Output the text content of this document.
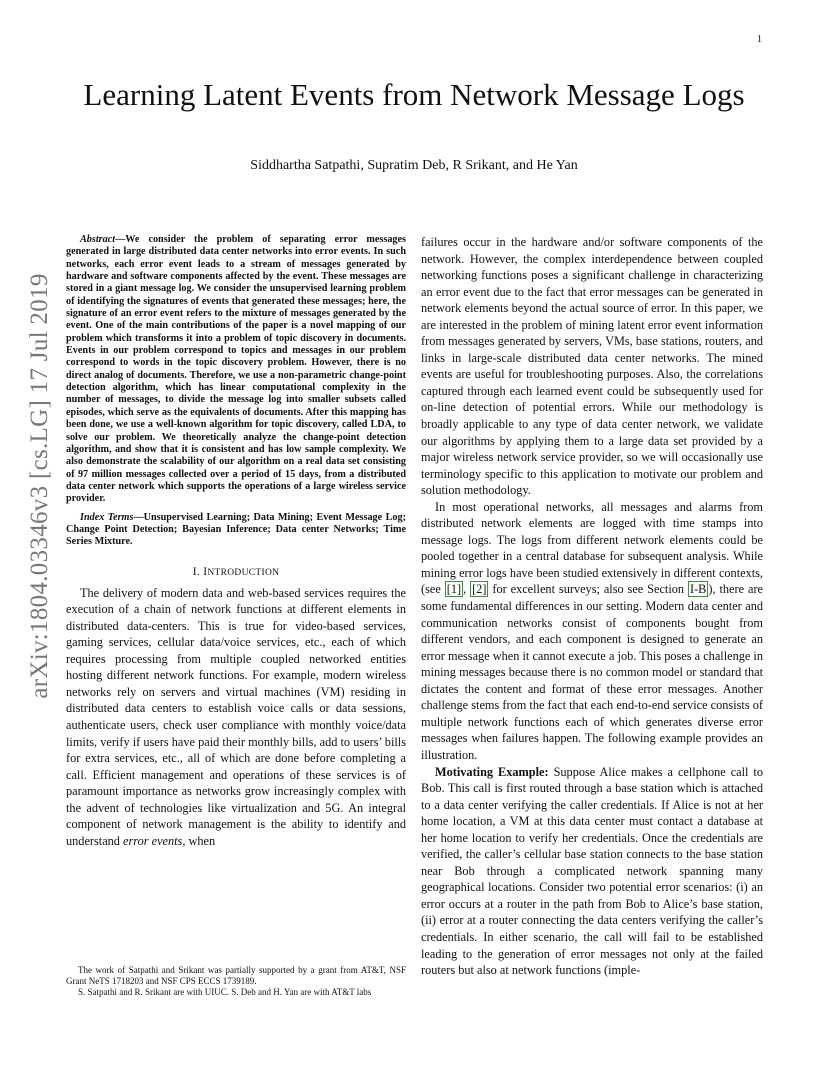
1
arXiv:1804.03346v3 [cs.LG] 17 Jul 2019
Learning Latent Events from Network Message Logs
Siddhartha Satpathi, Supratim Deb, R Srikant, and He Yan

Abstract—We consider the problem of separating error messages generated in large distributed data center networks into error events. In such networks, each error event leads to a stream of messages generated by hardware and software components affected by the event. These messages are stored in a giant message log. We consider the unsupervised learning problem of identifying the signatures of events that generated these messages; here, the signature of an error event refers to the mixture of messages generated by the event. One of the main contributions of the paper is a novel mapping of our problem which transforms it into a problem of topic discovery in documents. Events in our problem correspond to topics and messages in our problem correspond to words in the topic discovery problem. However, there is no direct analog of documents. Therefore, we use a non-parametric change-point detection algorithm, which has linear computational complexity in the number of messages, to divide the message log into smaller subsets called episodes, which serve as the equivalents of documents. After this mapping has been done, we use a well-known algorithm for topic discovery, called LDA, to solve our problem. We theoretically analyze the change-point detection algorithm, and show that it is consistent and has low sample complexity. We also demonstrate the scalability of our algorithm on a real data set consisting of 97 million messages collected over a period of 15 days, from a distributed data center network which supports the operations of a large wireless service provider.

Index Terms—Unsupervised Learning; Data Mining; Event Message Log; Change Point Detection; Bayesian Inference; Data center Networks; Time Series Mixture.

I. INTRODUCTION

The delivery of modern data and web-based services requires the execution of a chain of network functions at different elements in distributed data-centers. This is true for video-based services, gaming services, cellular data/voice services, etc., each of which requires processing from multiple coupled networked entities hosting different network functions. For example, modern wireless networks rely on servers and virtual machines (VM) residing in distributed data centers to establish voice calls or data sessions, authenticate users, check user compliance with monthly voice/data limits, verify if users have paid their monthly bills, add to users’ bills for extra services, etc., all of which are done before completing a call. Efficient management and operations of these services is of paramount importance as networks grow increasingly complex with the advent of technologies like virtualization and 5G. An integral component of network management is the ability to identify and understand error events, when

The work of Satpathi and Srikant was partially supported by a grant from AT&T, NSF Grant NeTS 1718203 and NSF CPS ECCS 1739189.

S. Satpathi and R. Srikant are with UIUC. S. Deb and H. Yan are with AT&T labs

failures occur in the hardware and/or software components of the network. However, the complex interdependence between coupled networking functions poses a significant challenge in characterizing an error event due to the fact that error messages can be generated in network elements beyond the actual source of error. In this paper, we are interested in the problem of mining latent error event information from messages generated by servers, VMs, base stations, routers, and links in large-scale distributed data center networks. The mined events are useful for troubleshooting purposes. Also, the correlations captured through each learned event could be subsequently used for on-line detection of potential errors. While our methodology is broadly applicable to any type of data center network, we validate our algorithms by applying them to a large data set provided by a major wireless network service provider, so we will occasionally use terminology specific to this application to motivate our problem and solution methodology.

In most operational networks, all messages and alarms from distributed network elements are logged with time stamps into message logs. The logs from different network elements could be pooled together in a central database for subsequent analysis. While mining error logs have been studied extensively in different contexts, (see [1] , [2] for excellent surveys; also see Section I-B ), there are some fundamental differences in our setting. Modern data center and communication networks consist of components bought from different vendors, and each component is designed to generate an error message when it cannot execute a job. This poses a challenge in mining messages because there is no common model or standard that dictates the content and format of these error messages. Another challenge stems from the fact that each end-to-end service consists of multiple network functions each of which generates diverse error messages when failures happen. The following example provides an illustration.

Motivating Example: Suppose Alice makes a cellphone call to Bob. This call is first routed through a base station which is attached to a data center verifying the caller credentials. If Alice is not at her home location, a VM at this data center must contact a database at her home location to verify her credentials. Once the credentials are verified, the caller’s cellular base station connects to the base station near Bob through a complicated network spanning many geographical locations. Consider two potential error scenarios: (i) an error occurs at a router in the path from Bob to Alice’s base station, (ii) error at a router connecting the data centers verifying the caller’s credentials. In either scenario, the call will fail to be established leading to the generation of error messages not only at the failed routers but also at network functions (imple-
